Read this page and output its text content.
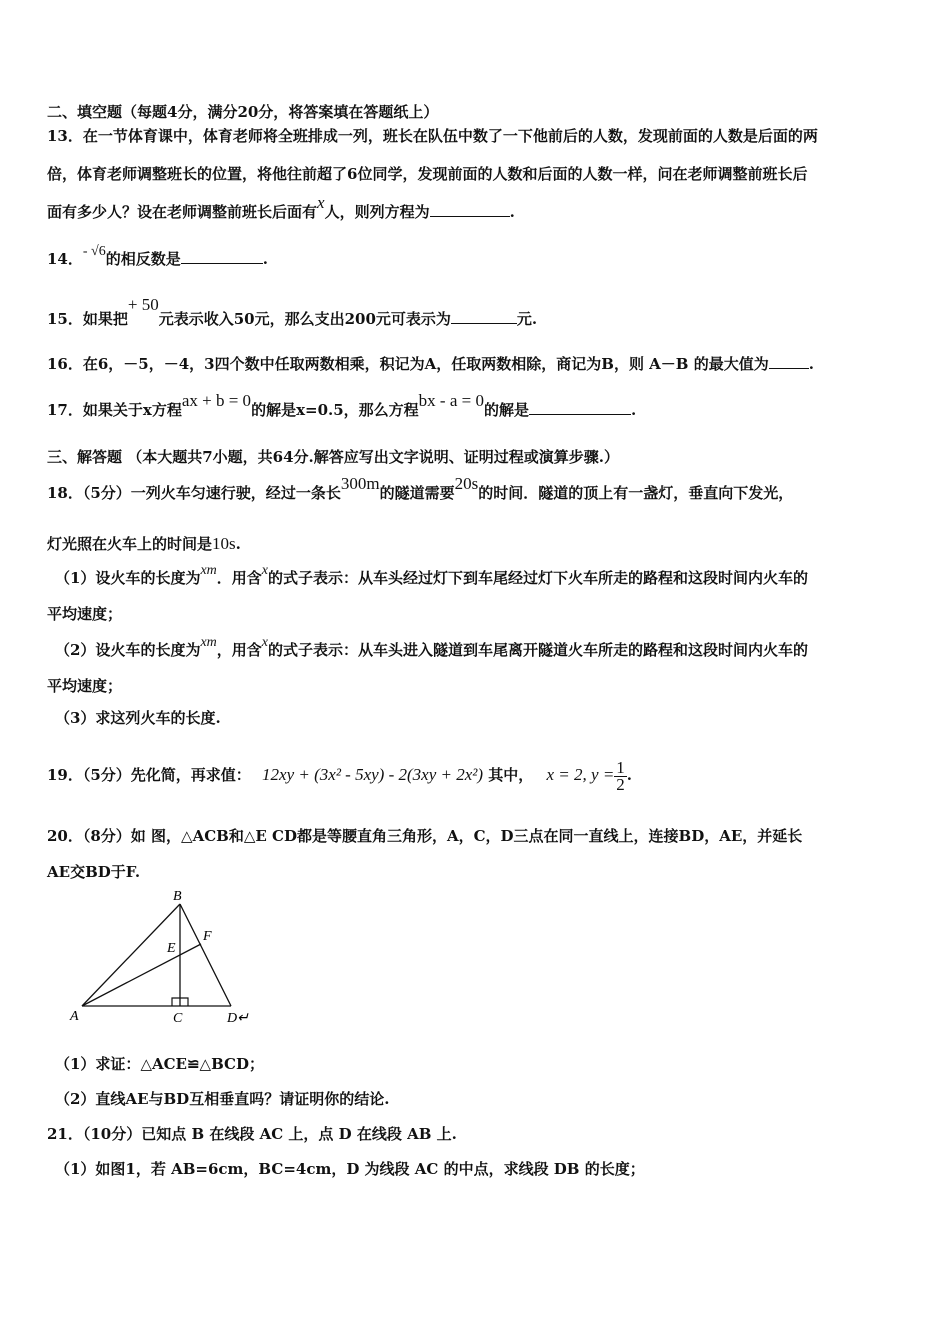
二、填空题（每题4分，满分20分，将答案填在答题纸上）
13．在一节体育课中，体育老师将全班排成一列，班长在队伍中数了一下他前后的人数，发现前面的人数是后面的两
倍，体育老师调整班长的位置，将他往前超了6位同学，发现前面的人数和后面的人数一样，问在老师调整前班长后
面有多少人？设在老师调整前班长后面有x人，则列方程为	.
14．- √6的相反数是	.
15．如果把+ 50元表示收入50元，那么支出200元可表示为	元.
16．在6，－5，－4，3四个数中任取两数相乘，积记为A，任取两数相除，商记为B，则 A－B 的最大值为	.
17．如果关于x方程ax + b = 0的解是x=0.5，那么方程bx - a = 0的解是	.
三、解答题 （本大题共7小题，共64分.解答应写出文字说明、证明过程或演算步骤.）
18．（5分）一列火车匀速行驶，经过一条长300m的隧道需要20s的时间．隧道的顶上有一盏灯，垂直向下发光，
灯光照在火车上的时间是10s.
（1）设火车的长度为xm．用含x的式子表示：从车头经过灯下到车尾经过灯下火车所走的路程和这段时间内火车的
平均速度；
（2）设火车的长度为xm，用含x的式子表示：从车头进入隧道到车尾离开隧道火车所走的路程和这段时间内火车的
平均速度；
（3）求这列火车的长度.
19．（5分）先化简，再求值： 12xy + (3x² - 5xy) - 2(3xy + 2x²) 其中， x = 2, $y = \frac{1}{2}$ .
20．（8分）如 图，△ACB和△E CD都是等腰直角三角形，A，C，D三点在同一直线上，连接BD，AE，并延长
AE交BD于F.
B
F
E
A	C	D↵
（1）求证：△ACE≌△BCD；
（2）直线AE与BD互相垂直吗？请证明你的结论.
21．（10分）已知点 B 在线段 AC 上，点 D 在线段 AB 上.
（1）如图1，若 AB=6cm，BC=4cm，D 为线段 AC 的中点，求线段 DB 的长度；
